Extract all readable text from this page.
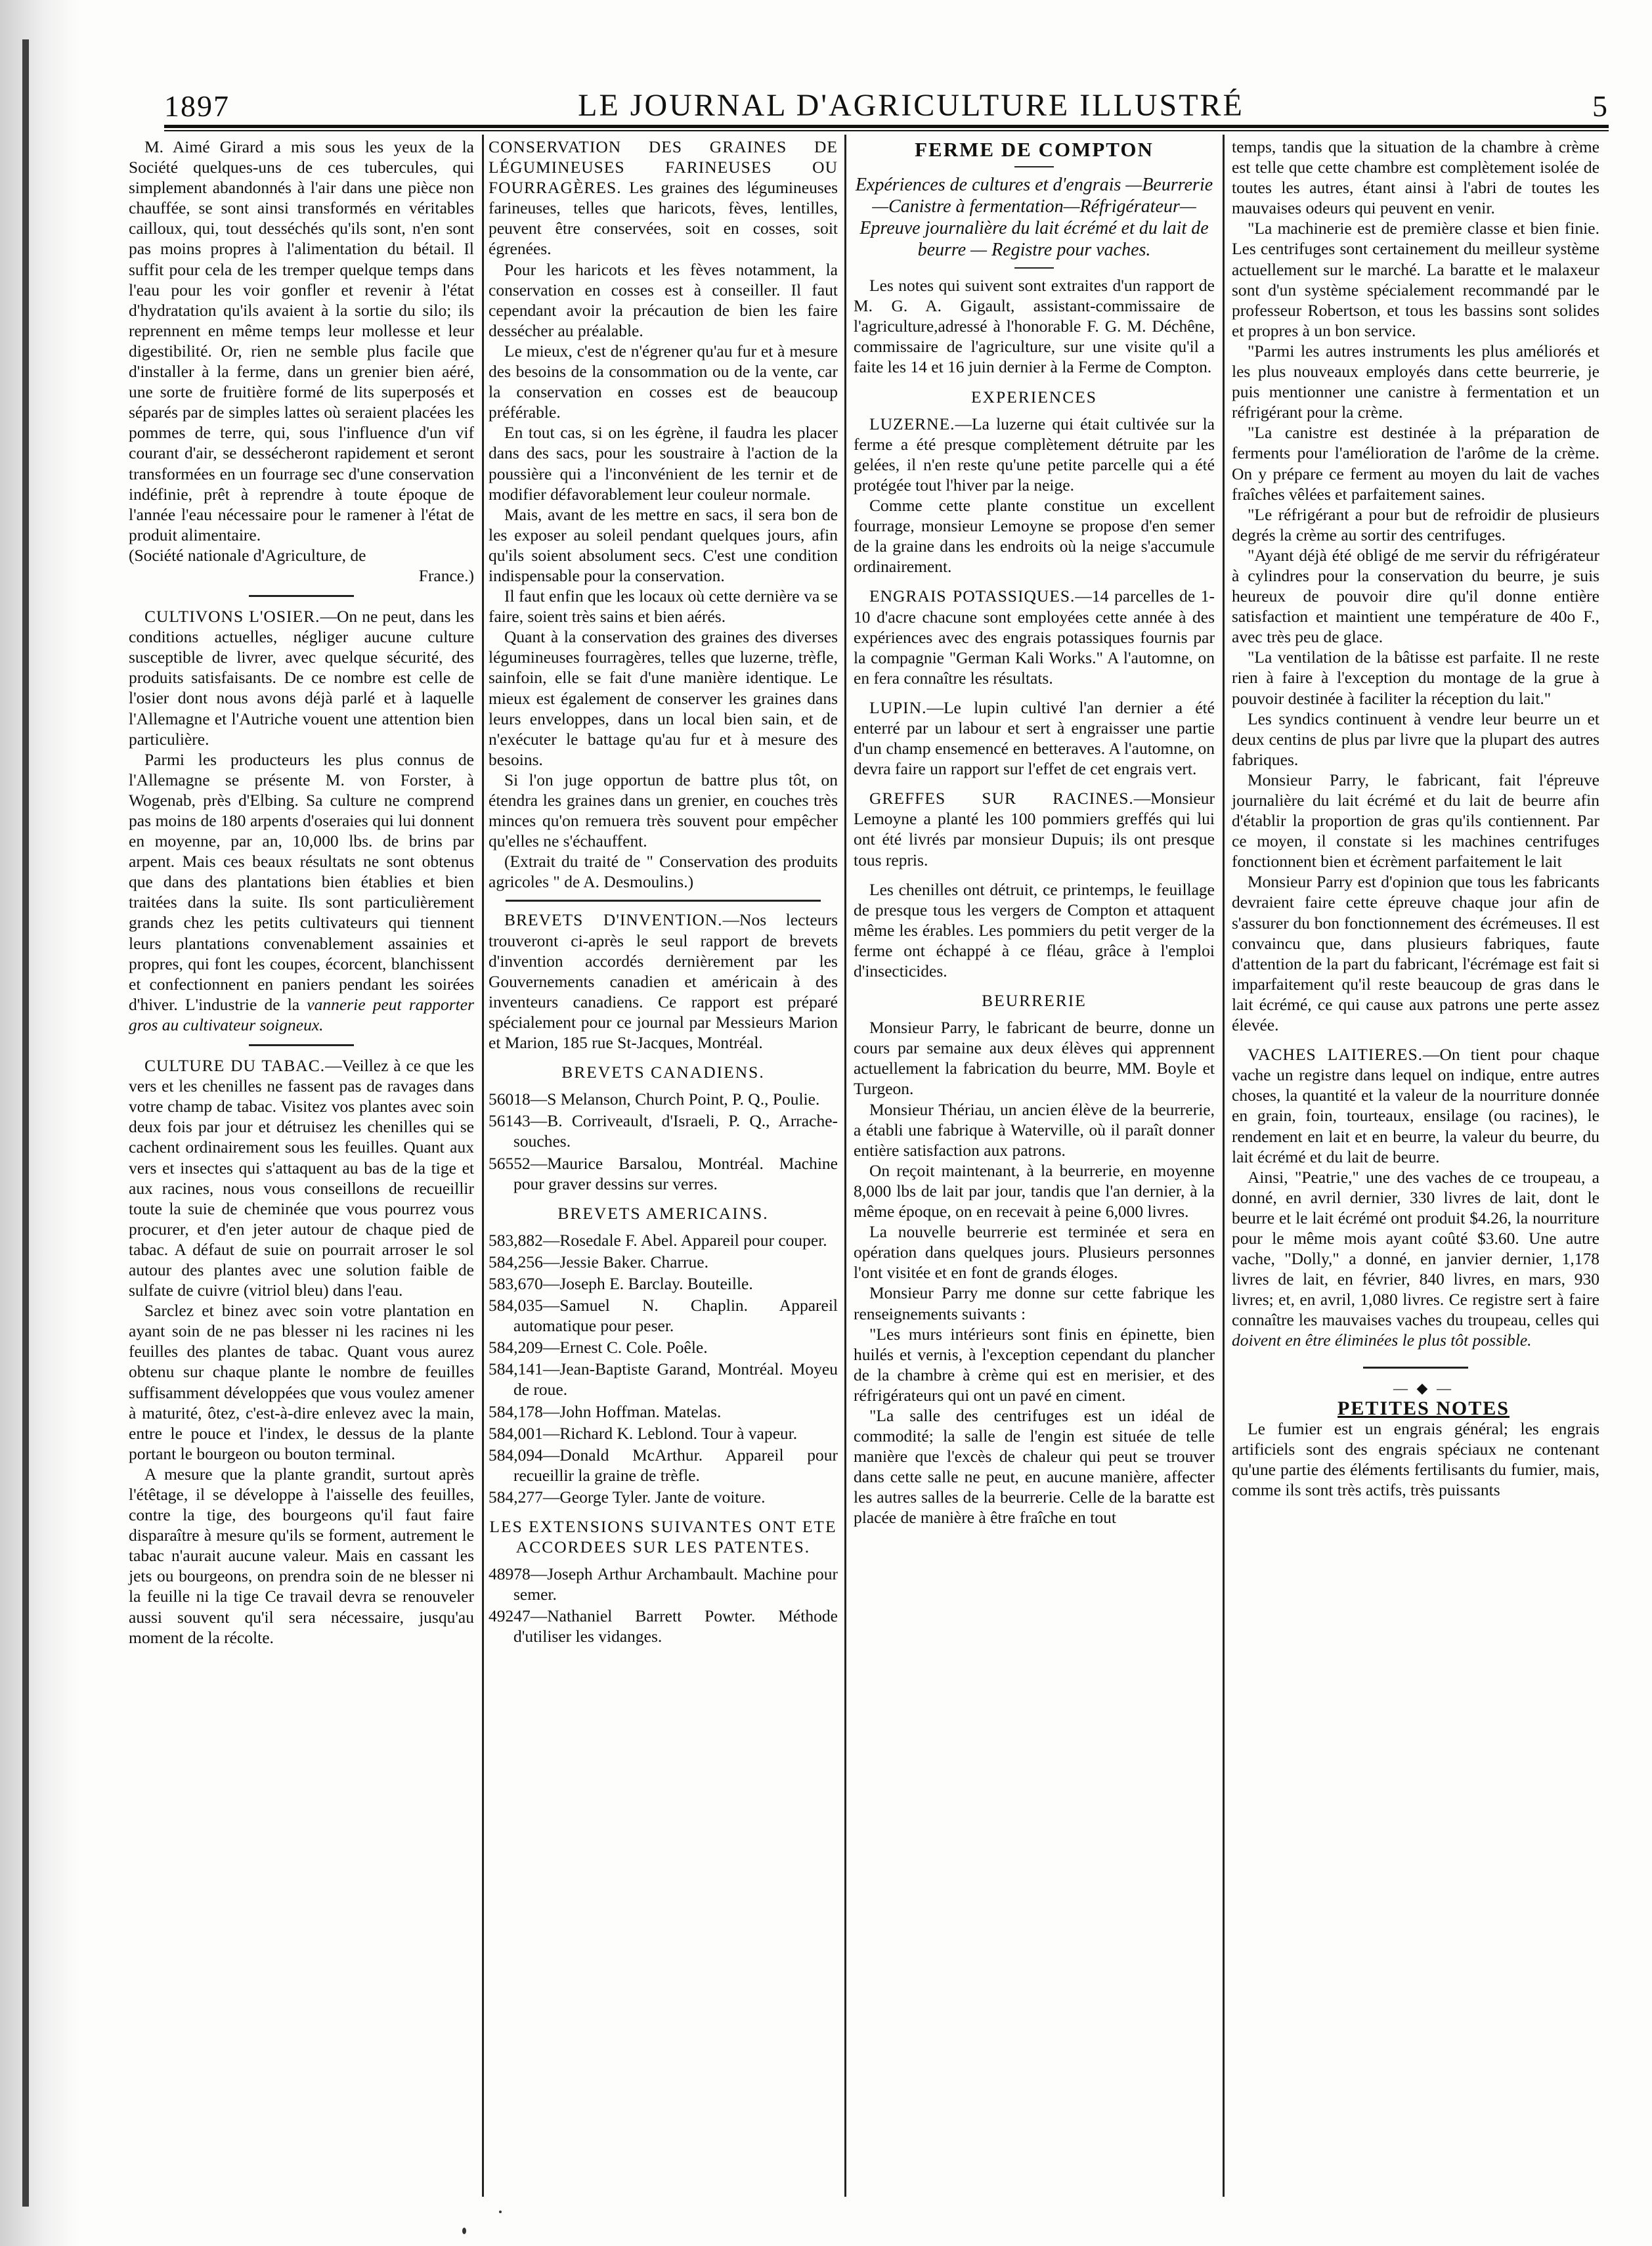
1897	LE JOURNAL D'AGRICULTURE ILLUSTRÉ	5

M. Aimé Girard a mis sous les yeux de la Société quelques-uns de ces tubercules, qui simplement abandonnés à l'air dans une pièce non chauffée, se sont ainsi transformés en véritables cailloux, qui, tout desséchés qu'ils sont, n'en sont pas moins propres à l'alimentation du bétail. Il suffit pour cela de les tremper quelque temps dans l'eau pour les voir gonfler et revenir à l'état d'hydratation qu'ils avaient à la sortie du silo; ils reprennent en même temps leur mollesse et leur digestibilité. Or, rien ne semble plus facile que d'installer à la ferme, dans un grenier bien aéré, une sorte de fruitière formé de lits superposés et séparés par de simples lattes où seraient placées les pommes de terre, qui, sous l'influence d'un vif courant d'air, se dessécheront rapidement et seront transformées en un fourrage sec d'une conservation indéfinie, prêt à reprendre à toute époque de l'année l'eau nécessaire pour le ramener à l'état de produit alimentaire.

(Société nationale d'Agriculture, de

France.)

CULTIVONS L'OSIER.—On ne peut, dans les conditions actuelles, négliger aucune culture susceptible de livrer, avec quelque sécurité, des produits satisfaisants. De ce nombre est celle de l'osier dont nous avons déjà parlé et à laquelle l'Allemagne et l'Autriche vouent une attention bien particulière.

Parmi les producteurs les plus connus de l'Allemagne se présente M. von Forster, à Wogenab, près d'Elbing. Sa culture ne comprend pas moins de 180 arpents d'oseraies qui lui donnent en moyenne, par an, 10,000 lbs. de brins par arpent. Mais ces beaux résultats ne sont obtenus que dans des plantations bien établies et bien traitées dans la suite. Ils sont particulièrement grands chez les petits cultivateurs qui tiennent leurs plantations convenablement assainies et propres, qui font les coupes, écorcent, blanchissent et confectionnent en paniers pendant les soirées d'hiver. L'industrie de la vannerie peut rapporter gros au cultivateur soigneux.

CULTURE DU TABAC.—Veillez à ce que les vers et les chenilles ne fassent pas de ravages dans votre champ de tabac. Visitez vos plantes avec soin deux fois par jour et détruisez les chenilles qui se cachent ordinairement sous les feuilles. Quant aux vers et insectes qui s'attaquent au bas de la tige et aux racines, nous vous conseillons de recueillir toute la suie de cheminée que vous pourrez vous procurer, et d'en jeter autour de chaque pied de tabac. A défaut de suie on pourrait arroser le sol autour des plantes avec une solution faible de sulfate de cuivre (vitriol bleu) dans l'eau.

Sarclez et binez avec soin votre plantation en ayant soin de ne pas blesser ni les racines ni les feuilles des plantes de tabac. Quant vous aurez obtenu sur chaque plante le nombre de feuilles suffisamment développées que vous voulez amener à maturité, ôtez, c'est-à-dire enlevez avec la main, entre le pouce et l'index, le dessus de la plante portant le bourgeon ou bouton terminal.

A mesure que la plante grandit, surtout après l'étêtage, il se développe à l'aisselle des feuilles, contre la tige, des bourgeons qu'il faut faire disparaître à mesure qu'ils se forment, autrement le tabac n'aurait aucune valeur. Mais en cassant les jets ou bourgeons, on prendra soin de ne blesser ni la feuille ni la tige Ce travail devra se renouveler aussi souvent qu'il sera nécessaire, jusqu'au moment de la récolte.

CONSERVATION DES GRAINES DE LÉGUMINEUSES FARINEUSES OU FOURRAGÈRES. Les graines des légumineuses farineuses, telles que haricots, fèves, lentilles, peuvent être conservées, soit en cosses, soit égrenées.

Pour les haricots et les fèves notamment, la conservation en cosses est à conseiller. Il faut cependant avoir la précaution de bien les faire dessécher au préalable.

Le mieux, c'est de n'égrener qu'au fur et à mesure des besoins de la consommation ou de la vente, car la conservation en cosses est de beaucoup préférable.

En tout cas, si on les égrène, il faudra les placer dans des sacs, pour les soustraire à l'action de la poussière qui a l'inconvénient de les ternir et de modifier défavorablement leur couleur normale.

Mais, avant de les mettre en sacs, il sera bon de les exposer au soleil pendant quelques jours, afin qu'ils soient absolument secs. C'est une condition indispensable pour la conservation.

Il faut enfin que les locaux où cette dernière va se faire, soient très sains et bien aérés.

Quant à la conservation des graines des diverses légumineuses fourragères, telles que luzerne, trèfle, sainfoin, elle se fait d'une manière identique. Le mieux est également de conserver les graines dans leurs enveloppes, dans un local bien sain, et de n'exécuter le battage qu'au fur et à mesure des besoins.

Si l'on juge opportun de battre plus tôt, on étendra les graines dans un grenier, en couches très minces qu'on remuera très souvent pour empêcher qu'elles ne s'échauffent.

(Extrait du traité de " Conservation des produits agricoles " de A. Desmoulins.)

BREVETS D'INVENTION.—Nos lecteurs trouveront ci-après le seul rapport de brevets d'invention accordés dernièrement par les Gouvernements canadien et américain à des inventeurs canadiens. Ce rapport est préparé spécialement pour ce journal par Messieurs Marion et Marion, 185 rue St-Jacques, Montréal.

BREVETS CANADIENS.

56018—S Melanson, Church Point, P. Q., Poulie.

56143—B. Corriveault, d'Israeli, P. Q., Arrache-souches.

56552—Maurice Barsalou, Montréal. Machine pour graver dessins sur verres.

BREVETS AMERICAINS.

583,882—Rosedale F. Abel. Appareil pour couper.

584,256—Jessie Baker. Charrue.

583,670—Joseph E. Barclay. Bouteille.

584,035—Samuel N. Chaplin. Appareil automatique pour peser.

584,209—Ernest C. Cole. Poêle.

584,141—Jean-Baptiste Garand, Montréal. Moyeu de roue.

584,178—John Hoffman. Matelas.

584,001—Richard K. Leblond. Tour à vapeur.

584,094—Donald McArthur. Appareil pour recueillir la graine de trèfle.

584,277—George Tyler. Jante de voiture.

LES EXTENSIONS SUIVANTES ONT ETE ACCORDEES SUR LES PATENTES.

48978—Joseph Arthur Archambault. Machine pour semer.

49247—Nathaniel Barrett Powter. Méthode d'utiliser les vidanges.

FERME DE COMPTON

Expériences de cultures et d'engrais —Beurrerie—Canistre à fermentation—Réfrigérateur—Epreuve journalière du lait écrémé et du lait de beurre — Registre pour vaches.

Les notes qui suivent sont extraites d'un rapport de M. G. A. Gigault, assistant-commissaire de l'agriculture,adressé à l'honorable F. G. M. Déchêne, commissaire de l'agriculture, sur une visite qu'il a faite les 14 et 16 juin dernier à la Ferme de Compton.

EXPERIENCES

LUZERNE.—La luzerne qui était cultivée sur la ferme a été presque complètement détruite par les gelées, il n'en reste qu'une petite parcelle qui a été protégée tout l'hiver par la neige.

Comme cette plante constitue un excellent fourrage, monsieur Lemoyne se propose d'en semer de la graine dans les endroits où la neige s'accumule ordinairement.

ENGRAIS POTASSIQUES.—14 parcelles de 1-10 d'acre chacune sont employées cette année à des expériences avec des engrais potassiques fournis par la compagnie "German Kali Works." A l'automne, on en fera connaître les résultats.

LUPIN.—Le lupin cultivé l'an dernier a été enterré par un labour et sert à engraisser une partie d'un champ ensemencé en betteraves. A l'automne, on devra faire un rapport sur l'effet de cet engrais vert.

GREFFES SUR RACINES.—Monsieur Lemoyne a planté les 100 pommiers greffés qui lui ont été livrés par monsieur Dupuis; ils ont presque tous repris.

Les chenilles ont détruit, ce printemps, le feuillage de presque tous les vergers de Compton et attaquent même les érables. Les pommiers du petit verger de la ferme ont échappé à ce fléau, grâce à l'emploi d'insecticides.

BEURRERIE

Monsieur Parry, le fabricant de beurre, donne un cours par semaine aux deux élèves qui apprennent actuellement la fabrication du beurre, MM. Boyle et Turgeon.

Monsieur Thériau, un ancien élève de la beurrerie, a établi une fabrique à Waterville, où il paraît donner entière satisfaction aux patrons.

On reçoit maintenant, à la beurrerie, en moyenne 8,000 lbs de lait par jour, tandis que l'an dernier, à la même époque, on en recevait à peine 6,000 livres.

La nouvelle beurrerie est terminée et sera en opération dans quelques jours. Plusieurs personnes l'ont visitée et en font de grands éloges.

Monsieur Parry me donne sur cette fabrique les renseignements suivants :

"Les murs intérieurs sont finis en épinette, bien huilés et vernis, à l'exception cependant du plancher de la chambre à crème qui est en merisier, et des réfrigérateurs qui ont un pavé en ciment.

"La salle des centrifuges est un idéal de commodité; la salle de l'engin est située de telle manière que l'excès de chaleur qui peut se trouver dans cette salle ne peut, en aucune manière, affecter les autres salles de la beurrerie. Celle de la baratte est placée de manière à être fraîche en tout

temps, tandis que la situation de la chambre à crème est telle que cette chambre est complètement isolée de toutes les autres, étant ainsi à l'abri de toutes les mauvaises odeurs qui peuvent en venir.

"La machinerie est de première classe et bien finie. Les centrifuges sont certainement du meilleur système actuellement sur le marché. La baratte et le malaxeur sont d'un système spécialement recommandé par le professeur Robertson, et tous les bassins sont solides et propres à un bon service.

"Parmi les autres instruments les plus améliorés et les plus nouveaux employés dans cette beurrerie, je puis mentionner une canistre à fermentation et un réfrigérant pour la crème.

"La canistre est destinée à la préparation de ferments pour l'amélioration de l'arôme de la crème. On y prépare ce ferment au moyen du lait de vaches fraîches vêlées et parfaitement saines.

"Le réfrigérant a pour but de refroidir de plusieurs degrés la crème au sortir des centrifuges.

"Ayant déjà été obligé de me servir du réfrigérateur à cylindres pour la conservation du beurre, je suis heureux de pouvoir dire qu'il donne entière satisfaction et maintient une température de 40o F., avec très peu de glace.

"La ventilation de la bâtisse est parfaite. Il ne reste rien à faire à l'exception du montage de la grue à pouvoir destinée à faciliter la réception du lait."

Les syndics continuent à vendre leur beurre un et deux centins de plus par livre que la plupart des autres fabriques.

Monsieur Parry, le fabricant, fait l'épreuve journalière du lait écrémé et du lait de beurre afin d'établir la proportion de gras qu'ils contiennent. Par ce moyen, il constate si les machines centrifuges fonctionnent bien et écrèment parfaitement le lait

Monsieur Parry est d'opinion que tous les fabricants devraient faire cette épreuve chaque jour afin de s'assurer du bon fonctionnement des écrémeuses. Il est convaincu que, dans plusieurs fabriques, faute d'attention de la part du fabricant, l'écrémage est fait si imparfaitement qu'il reste beaucoup de gras dans le lait écrémé, ce qui cause aux patrons une perte assez élevée.

VACHES LAITIERES.—On tient pour chaque vache un registre dans lequel on indique, entre autres choses, la quantité et la valeur de la nourriture donnée en grain, foin, tourteaux, ensilage (ou racines), le rendement en lait et en beurre, la valeur du beurre, du lait écrémé et du lait de beurre.

Ainsi, "Peatrie," une des vaches de ce troupeau, a donné, en avril dernier, 330 livres de lait, dont le beurre et le lait écrémé ont produit $4.26, la nourriture pour le même mois ayant coûté $3.60. Une autre vache, "Dolly," a donné, en janvier dernier, 1,178 livres de lait, en février, 840 livres, en mars, 930 livres; et, en avril, 1,080 livres. Ce registre sert à faire connaître les mauvaises vaches du troupeau, celles qui doivent en être éliminées le plus tôt possible.

— ◆ —

PETITES NOTES

Le fumier est un engrais général; les engrais artificiels sont des engrais spéciaux ne contenant qu'une partie des éléments fertilisants du fumier, mais, comme ils sont très actifs, très puissants
